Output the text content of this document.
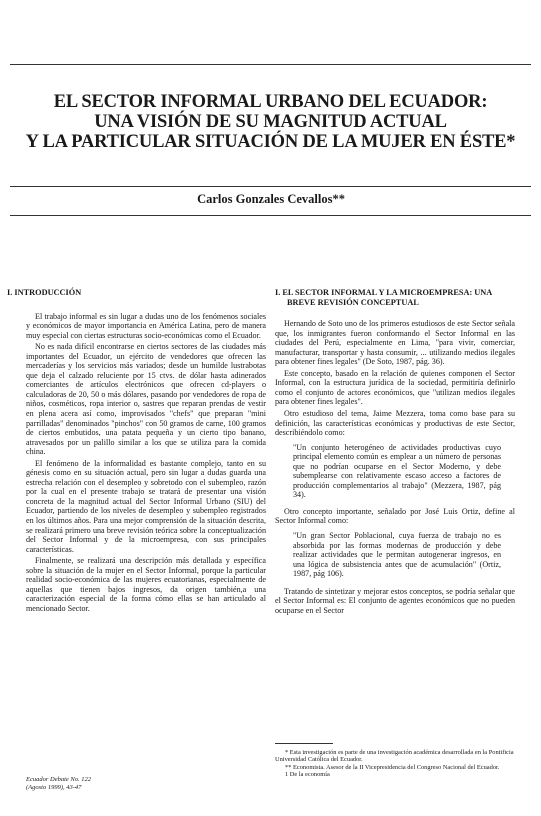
EL SECTOR INFORMAL URBANO DEL ECUADOR:
UNA VISIÓN DE SU MAGNITUD ACTUAL
Y LA PARTICULAR SITUACIÓN DE LA MUJER EN ÉSTE*
Carlos Gonzales Cevallos**
I. INTRODUCCIÓN

El trabajo informal es sin lugar a dudas uno de los fenómenos sociales y económicos de mayor importancia en América Latina, pero de manera muy especial con ciertas estructuras socio-económicas como el Ecuador.

No es nada difícil encontrarse en ciertos sectores de las ciudades más importantes del Ecuador, un ejército de vendedores que ofrecen las mercaderías y los servicios más variados; desde un humilde lustrabotas que deja el calzado reluciente por 15 ctvs. de dólar hasta adinerados comerciantes de artículos electrónicos que ofrecen cd-players o calculadoras de 20, 50 o más dólares, pasando por vendedores de ropa de niños, cosméticos, ropa interior o, sastres que reparan prendas de vestir en plena acera así como, improvisados "chefs" que preparan "mini parrilladas" denominados "pinchos" con 50 gramos de carne, 100 gramos de ciertos embutidos, una patata pequeña y un cierto tipo banano, atravesados por un palillo similar a los que se utiliza para la comida china.

El fenómeno de la informalidad es bastante complejo, tanto en su génesis como en su situación actual, pero sin lugar a dudas guarda una estrecha relación con el desempleo y sobretodo con el subempleo, razón por la cual en el presente trabajo se tratará de presentar una visión concreta de la magnitud actual del Sector Informal Urbano (SIU) del Ecuador, partiendo de los niveles de desempleo y subempleo registrados en los últimos años. Para una mejor comprensión de la situación descrita, se realizará primero una breve revisión teórica sobre la conceptualización del Sector Informal y de la microempresa, con sus principales características.

Finalmente, se realizará una descripción más detallada y específica sobre la situación de la mujer en el Sector Informal, porque la particular realidad socio-económica de las mujeres ecuatorianas, especialmente de aquellas que tienen bajos ingresos, da origen también,a una caracterización especial de la forma cómo ellas se han articulado al mencionado Sector.

I. EL SECTOR INFORMAL Y LA MICROEMPRESA: UNA BREVE REVISIÓN CONCEPTUAL

Hernando de Soto uno de los primeros estudiosos de este Sector señala que, los inmigrantes fueron conformando el Sector Informal en las ciudades del Perú, especialmente en Lima, "para vivir, comerciar, manufacturar, transportar y hasta consumir, ... utilizando medios ilegales para obtener fines legales" (De Soto, 1987, pág. 36).

Este concepto, basado en la relación de quienes componen el Sector Informal, con la estructura jurídica de la sociedad, permitiría definirlo como el conjunto de actores económicos, que "utilizan medios ilegales para obtener fines legales".

Otro estudioso del tema, Jaime Mezzera, toma como base para su definición, las características económicas y productivas de este Sector, describiéndolo como:

"Un conjunto heterogéneo de actividades productivas cuyo principal elemento común es emplear a un número de personas que no podrían ocuparse en el Sector Moderno, y debe subemplearse con relativamente escaso acceso a factores de producción complementarios al trabajo" (Mezzera, 1987, pág 34).

Otro concepto importante, señalado por José Luis Ortiz, define al Sector Informal como:

"Un gran Sector Poblacional, cuya fuerza de trabajo no es absorbida por las formas modernas de producción y debe realizar actividades que le permitan autogenerar ingresos, en una lógica de subsistencia antes que de acumulación" (Ortiz, 1987, pág 106).

Tratando de sintetizar y mejorar estos conceptos, se podría señalar que el Sector Informal es: El conjunto de agentes económicos que no pueden ocuparse en el Sector

* Esta investigación es parte de una investigación académica desarrollada en la Pontificia Universidad Católica del Ecuador.

** Economista. Asesor de la II Vicepresidencia del Congreso Nacional del Ecuador.

1 De la economía

Ecuador Debate No. 122
(Agosto 1999), 43-47
